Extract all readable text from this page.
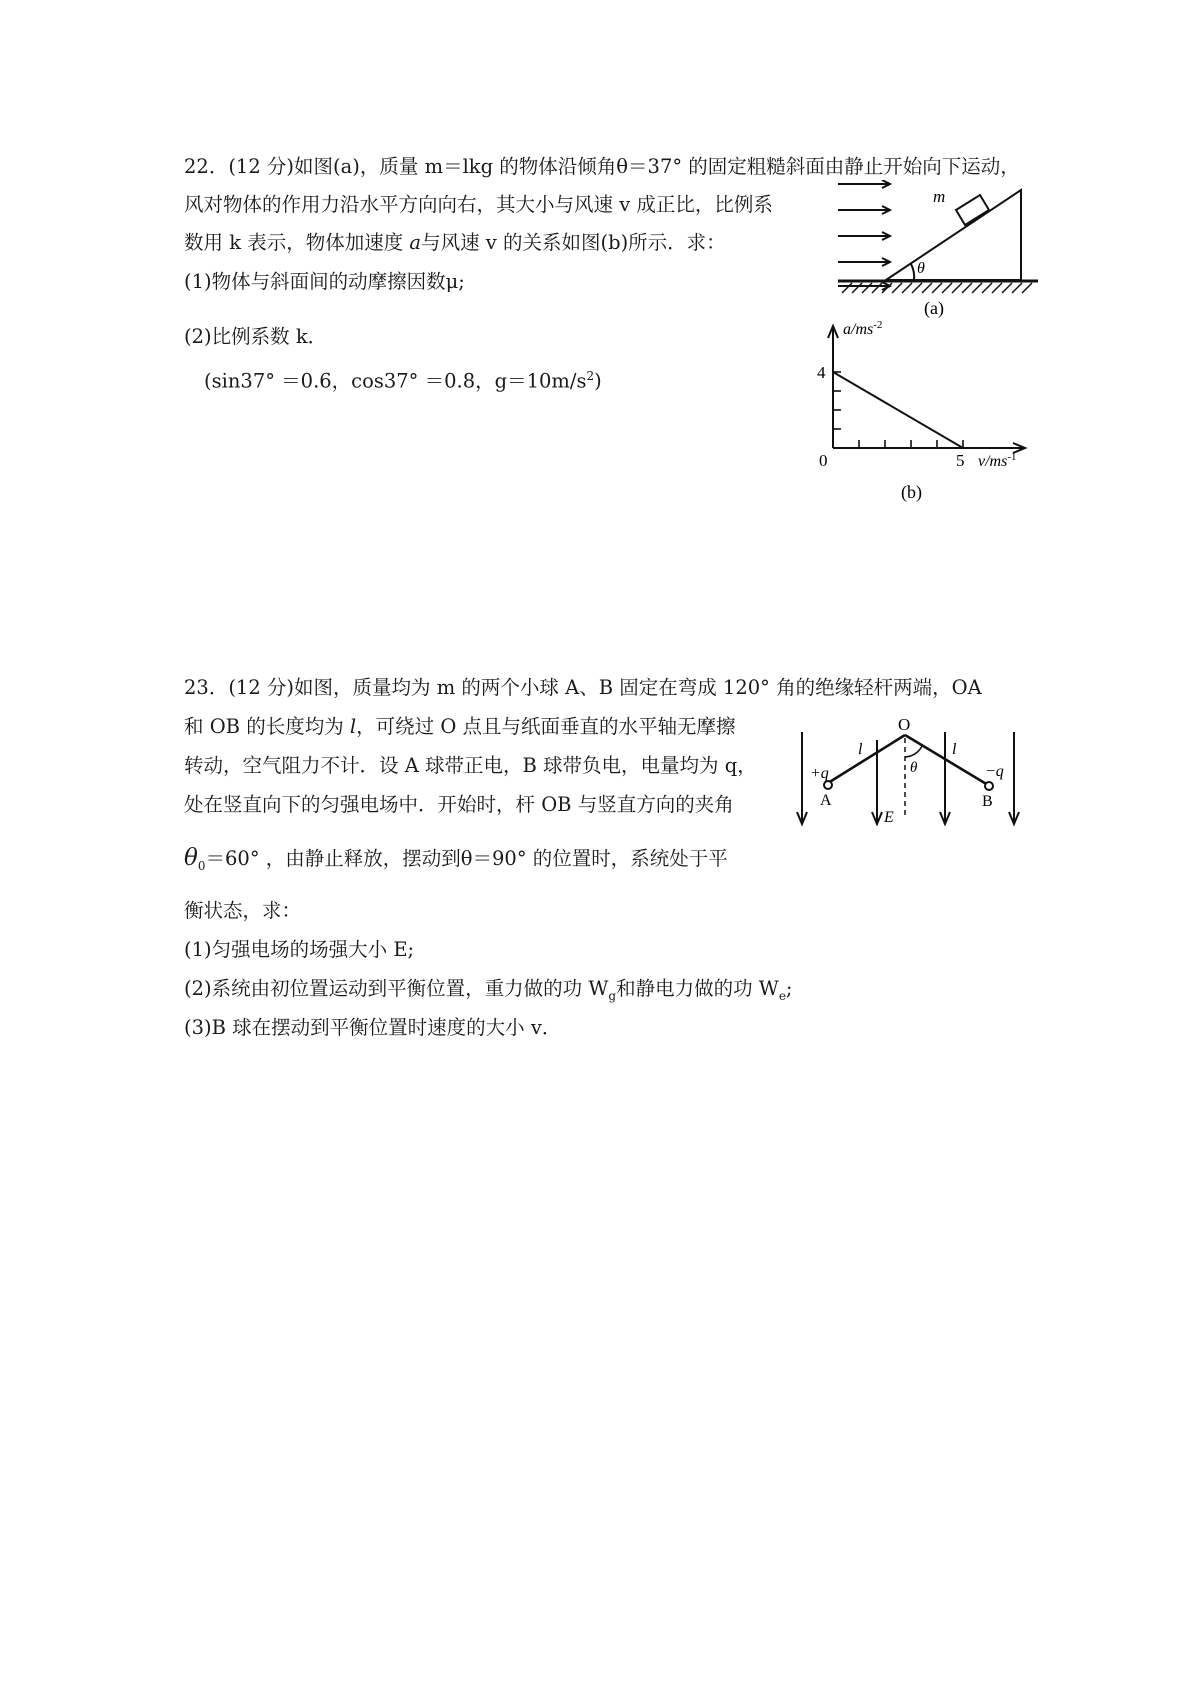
22．(12 分)如图(a)，质量 m＝lkg 的物体沿倾角θ＝37° 的固定粗糙斜面由静止开始向下运动，
风对物体的作用力沿水平方向向右，其大小与风速 v 成正比，比例系
数用 k 表示，物体加速度 a与风速 v 的关系如图(b)所示．求：
(1)物体与斜面间的动摩擦因数μ;
(2)比例系数 k．
(sin37° ＝0.6，cos37° ＝0.8，$g=10m/s^2$)
m
θ
(a)
$a/ms^{-2}$
4
0	5 $v/ms^{-1}$
(b)
23．(12 分)如图，质量均为 m 的两个小球 A、B 固定在弯成 120° 角的绝缘轻杆两端，OA
和 OB 的长度均为 l，可绕过 O 点且与纸面垂直的水平轴无摩擦
转动，空气阻力不计．设 A 球带正电，B 球带负电，电量均为 q，
处在竖直向下的匀强电场中．开始时，杆 OB 与竖直方向的夹角
$\theta_0=60^\circ$ ，由静止释放，摆动到θ＝90° 的位置时，系统处于平
衡状态，求：
(1)匀强电场的场强大小 E;
(2)系统由初位置运动到平衡位置，重力做的功 $W_g$和静电力做的功 $W_e$;
(3)B 球在摆动到平衡位置时速度的大小 v．
O
l	l
θ
+q	−q
A	B
E
